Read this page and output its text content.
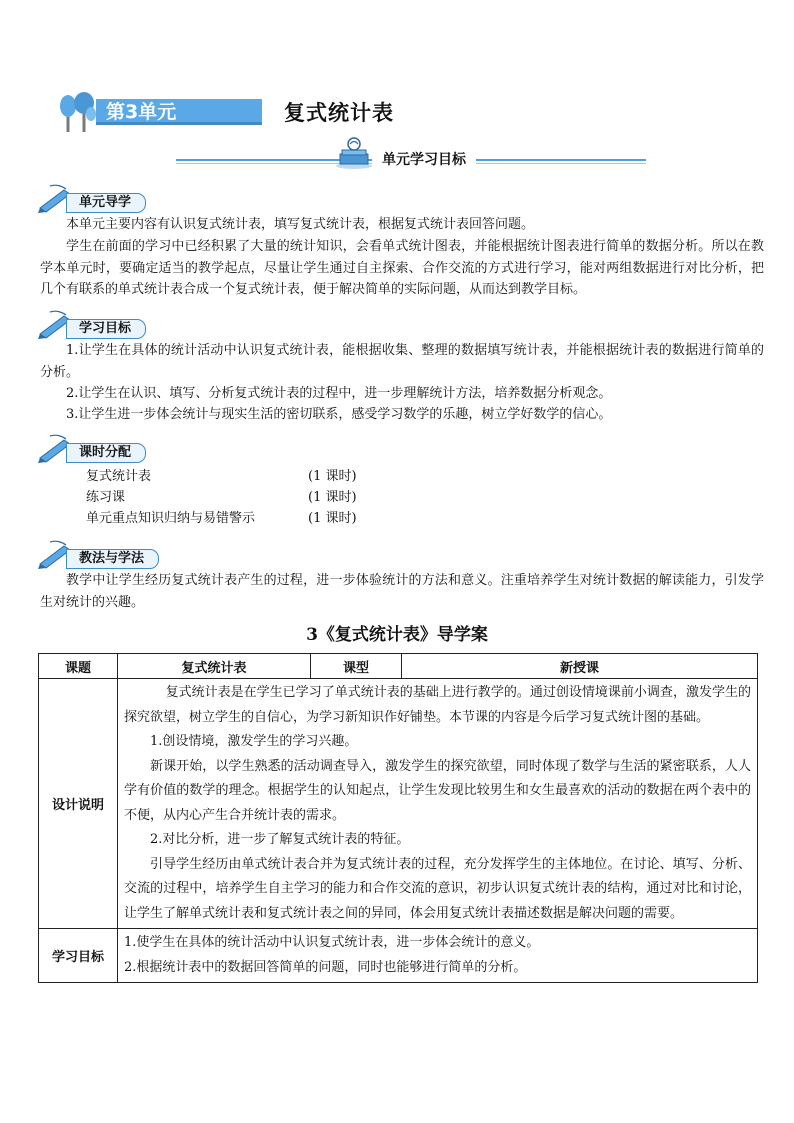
第3单元	复式统计表
单元学习目标
单元导学
本单元主要内容有认识复式统计表，填写复式统计表，根据复式统计表回答问题。
学生在前面的学习中已经积累了大量的统计知识，会看单式统计图表，并能根据统计图表进行简单的数据分析。所以在教学本单元时，要确定适当的教学起点，尽量让学生通过自主探索、合作交流的方式进行学习，能对两组数据进行对比分析，把几个有联系的单式统计表合成一个复式统计表，便于解决简单的实际问题，从而达到教学目标。
学习目标
1.让学生在具体的统计活动中认识复式统计表，能根据收集、整理的数据填写统计表，并能根据统计表的数据进行简单的分析。
2.让学生在认识、填写、分析复式统计表的过程中，进一步理解统计方法，培养数据分析观念。
3.让学生进一步体会统计与现实生活的密切联系，感受学习数学的乐趣，树立学好数学的信心。
课时分配
复式统计表	(1 课时)
练习课	(1 课时)
单元重点知识归纳与易错警示	(1 课时)
教法与学法
教学中让学生经历复式统计表产生的过程，进一步体验统计的方法和意义。注重培养学生对统计数据的解读能力，引发学生对统计的兴趣。
3《复式统计表》导学案
课题	复式统计表	课型	新授课
设计说明	复式统计表是在学生已学习了单式统计表的基础上进行教学的。通过创设情境课前小调查，激发学生的探究欲望，树立学生的自信心，为学习新知识作好铺垫。本节课的内容是今后学习复式统计图的基础。

1.创设情境，激发学生的学习兴趣。

新课开始，以学生熟悉的活动调查导入，激发学生的探究欲望，同时体现了数学与生活的紧密联系，人人学有价值的数学的理念。根据学生的认知起点，让学生发现比较男生和女生最喜欢的活动的数据在两个表中的不便，从内心产生合并统计表的需求。

2.对比分析，进一步了解复式统计表的特征。

引导学生经历由单式统计表合并为复式统计表的过程，充分发挥学生的主体地位。在讨论、填写、分析、交流的过程中，培养学生自主学习的能力和合作交流的意识，初步认识复式统计表的结构，通过对比和讨论，让学生了解单式统计表和复式统计表之间的异同，体会用复式统计表描述数据是解决问题的需要。		

学习目标	1.使学生在具体的统计活动中认识复式统计表，进一步体会统计的意义。

2.根据统计表中的数据回答简单的问题，同时也能够进行简单的分析。		
